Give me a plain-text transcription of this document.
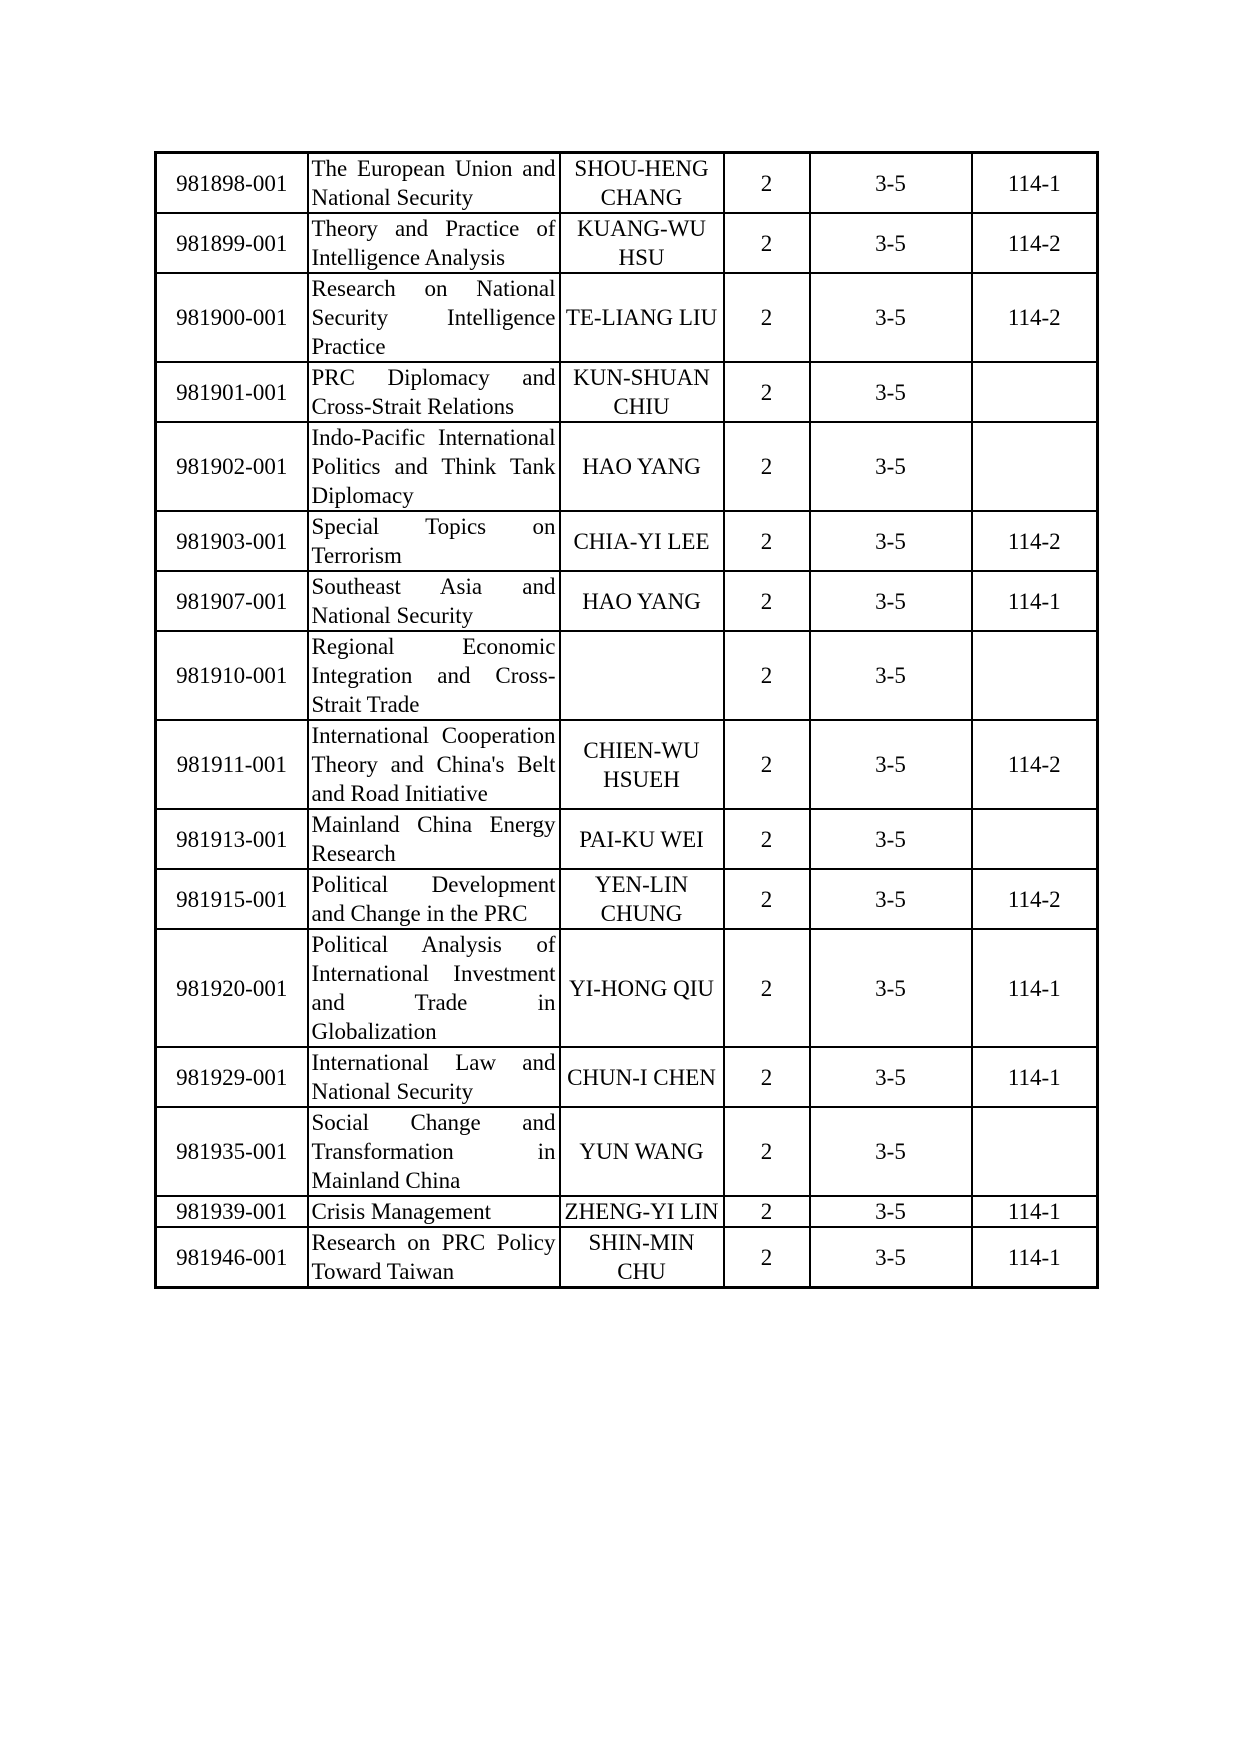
981898-001	The European Union and National Security	SHOU-HENG CHANG	2	3-5	114-1
981899-001	Theory and Practice of Intelligence Analysis	KUANG-WU HSU	2	3-5	114-2
981900-001	Research on National Security Intelligence Practice	TE-LIANG LIU	2	3-5	114-2
981901-001	PRC Diplomacy and Cross-Strait Relations	KUN-SHUAN CHIU	2	3-5	
981902-001	Indo-Pacific International Politics and Think Tank Diplomacy	HAO YANG	2	3-5	
981903-001	Special Topics on Terrorism	CHIA-YI LEE	2	3-5	114-2
981907-001	Southeast Asia and National Security	HAO YANG	2	3-5	114-1
981910-001	Regional Economic Integration and Cross-Strait Trade		2	3-5	
981911-001	International Cooperation Theory and China's Belt and Road Initiative	CHIEN-WU HSUEH	2	3-5	114-2
981913-001	Mainland China Energy Research	PAI-KU WEI	2	3-5	
981915-001	Political Development and Change in the PRC	YEN-LIN CHUNG	2	3-5	114-2
981920-001	Political Analysis of International Investment and Trade in Globalization	YI-HONG QIU	2	3-5	114-1
981929-001	International Law and National Security	CHUN-I CHEN	2	3-5	114-1
981935-001	Social Change and Transformation in Mainland China	YUN WANG	2	3-5	
981939-001	Crisis Management	ZHENG-YI LIN	2	3-5	114-1
981946-001	Research on PRC Policy Toward Taiwan	SHIN-MIN CHU	2	3-5	114-1
